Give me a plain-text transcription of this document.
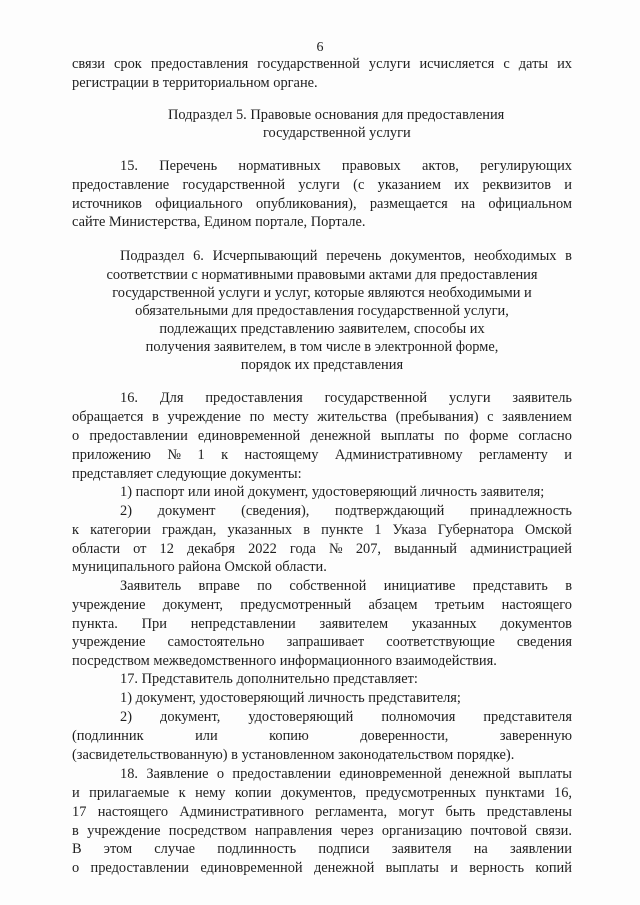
6
связи срок предоставления государственной услуги исчисляется с даты их
регистрации в территориальном органе.
Подраздел 5. Правовые основания для предоставления
государственной услуги
15. Перечень нормативных правовых актов, регулирующих
предоставление государственной услуги (с указанием их реквизитов и
источников официального опубликования), размещается на официальном
сайте Министерства, Едином портале, Портале.
Подраздел 6. Исчерпывающий перечень документов, необходимых в
соответствии с нормативными правовыми актами для предоставления
государственной услуги и услуг, которые являются необходимыми и
обязательными для предоставления государственной услуги,
подлежащих представлению заявителем, способы их
получения заявителем, в том числе в электронной форме,
порядок их представления
16. Для предоставления государственной услуги заявитель
обращается в учреждение по месту жительства (пребывания) с заявлением
о предоставлении единовременной денежной выплаты по форме согласно
приложению № 1 к настоящему Административному регламенту и
представляет следующие документы:
1) паспорт или иной документ, удостоверяющий личность заявителя;
2) документ (сведения), подтверждающий принадлежность
к категории граждан, указанных в пункте 1 Указа Губернатора Омской
области от 12 декабря 2022 года № 207, выданный администрацией
муниципального района Омской области.
Заявитель вправе по собственной инициативе представить в
учреждение документ, предусмотренный абзацем третьим настоящего
пункта. При непредставлении заявителем указанных документов
учреждение самостоятельно запрашивает соответствующие сведения
посредством межведомственного информационного взаимодействия.
17. Представитель дополнительно представляет:
1) документ, удостоверяющий личность представителя;
2) документ, удостоверяющий полномочия представителя
(подлинник	или	копию	доверенности,	заверенную
(засвидетельствованную) в установленном законодательством порядке).
18. Заявление о предоставлении единовременной денежной выплаты
и прилагаемые к нему копии документов, предусмотренных пунктами 16,
17 настоящего Административного регламента, могут быть представлены
в учреждение посредством направления через организацию почтовой связи.
В этом случае подлинность подписи заявителя на заявлении
о предоставлении единовременной денежной выплаты и верность копий
